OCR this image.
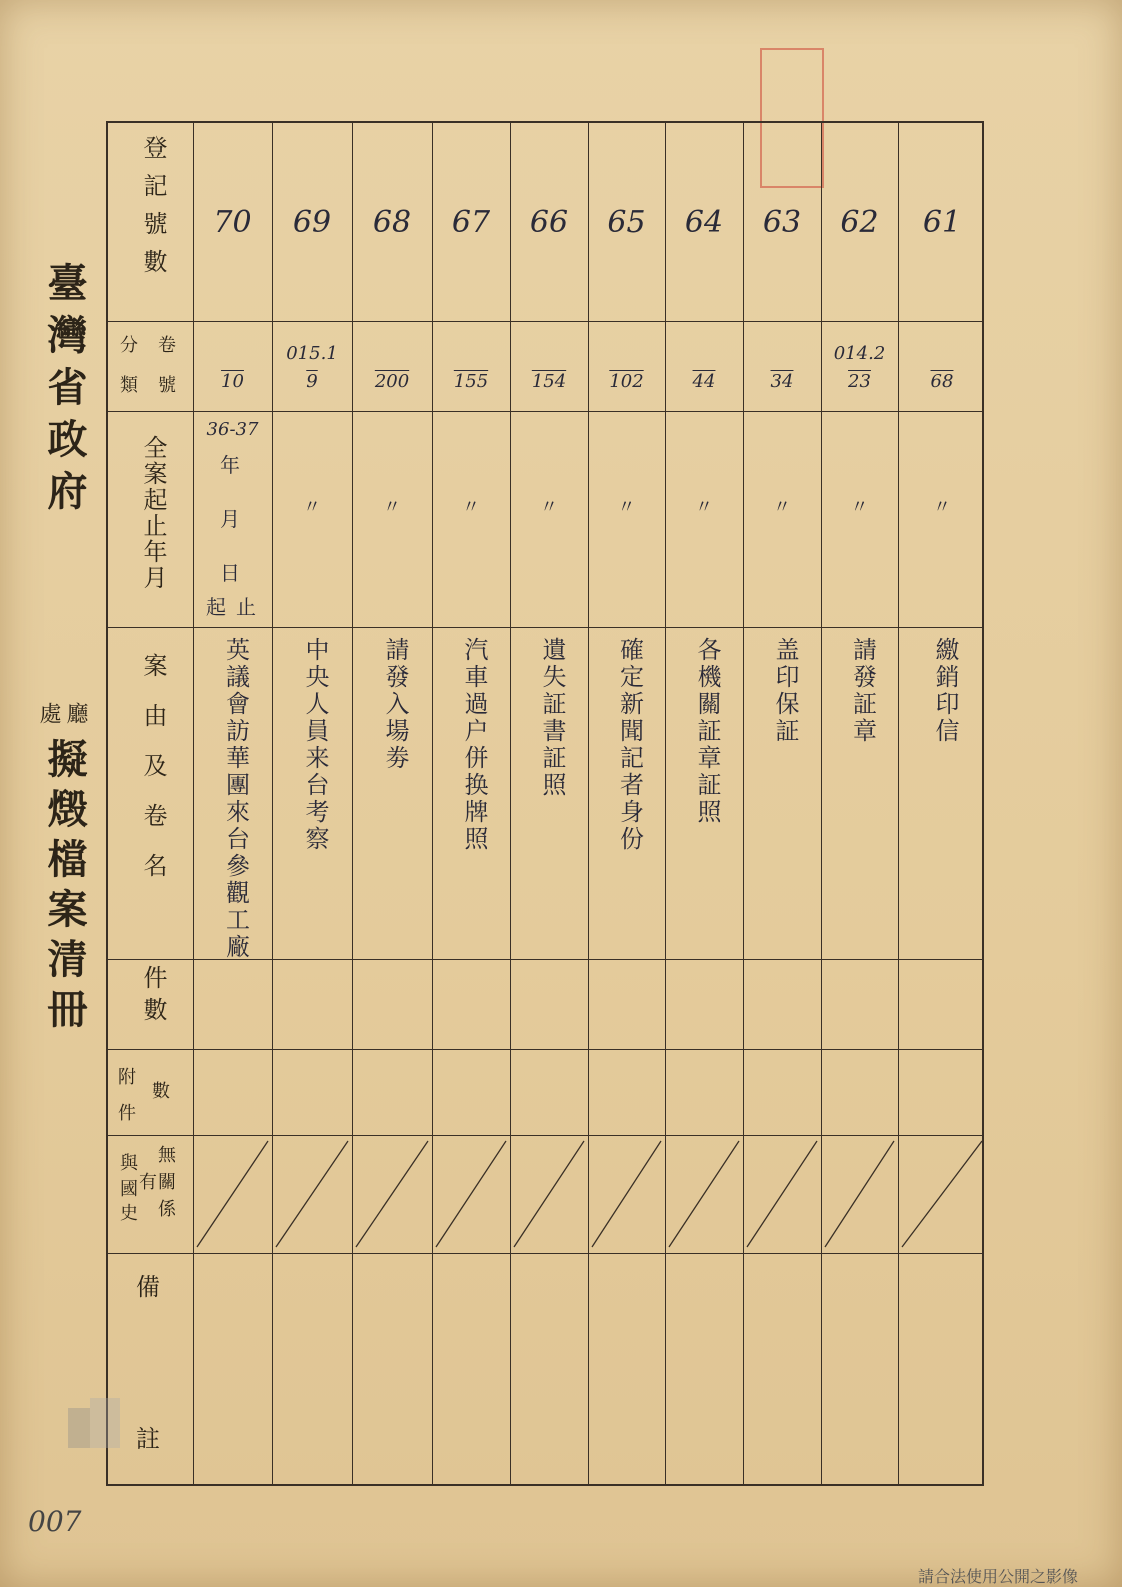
臺灣省政府
廳
處
擬燬檔案清冊
登記號數
分 卷
類 號
全案起止年月
案由及卷名
件數
附
件
數
無
關
係
與
有
國
史
備
註
年
月
日
起 止
70
10
36-37
英議會訪華團來台參觀工廠
69
015.1
9
〃
中央人員来台考察
68
200
〃
請發入場劵
67
155
〃
汽車過户併换牌照
66
154
〃
遺失証書証照
65
102
〃
確定新聞記者身份
64
44
〃
各機關証章証照
63
34
〃
盖印保証
62
014.2
23
〃
請發証章
61
68
〃
繳銷印信
007
請合法使用公開之影像
